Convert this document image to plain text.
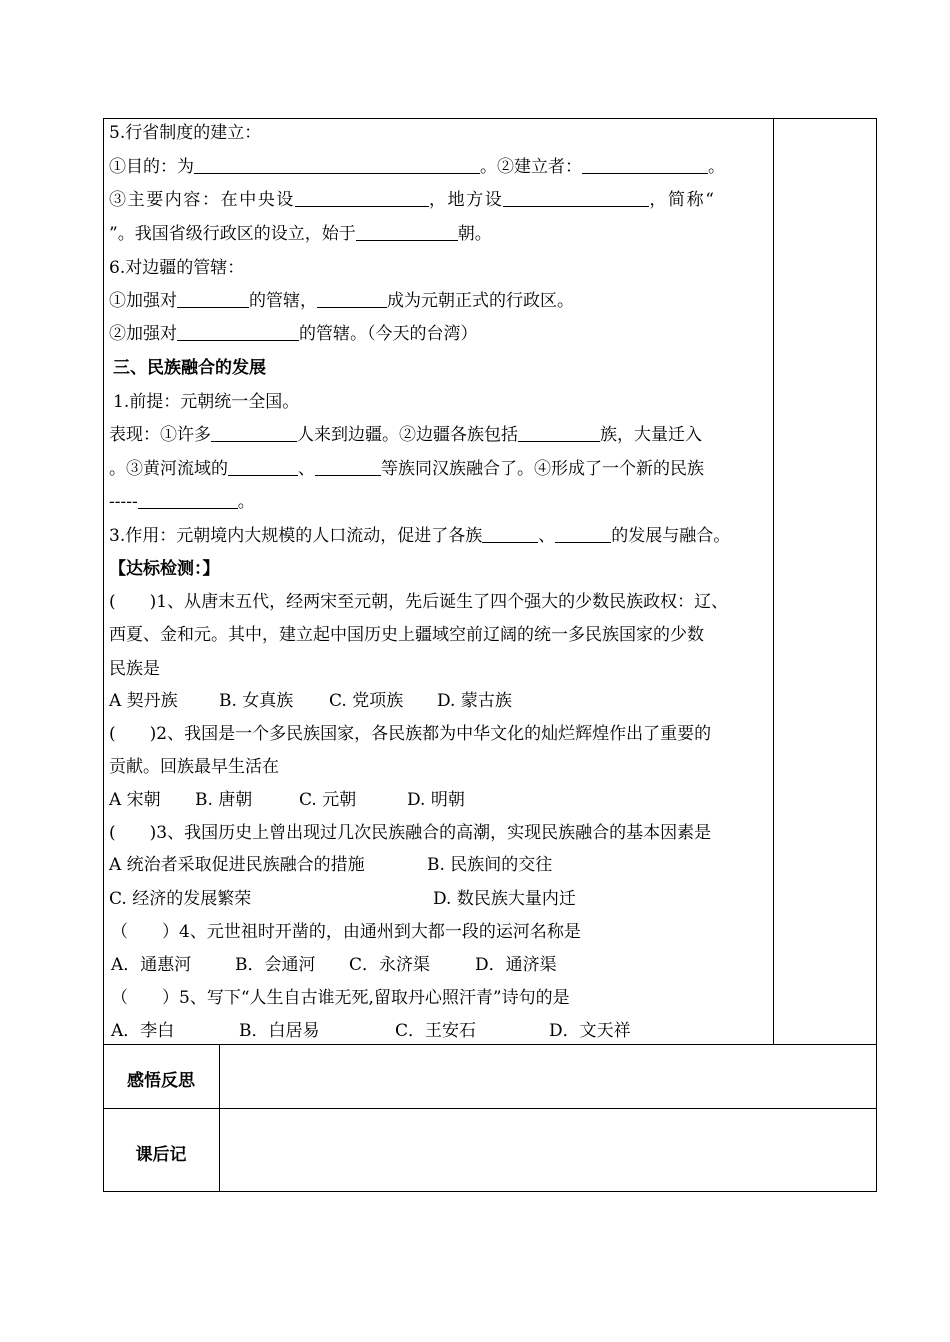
5.行省制度的建立：
①目的：为	。②建立者：	。
③主要内容：在中央设	，地方设	，简称“
”。我国省级行政区的设立，始于	朝。
6.对边疆的管辖：
①加强对	的管辖，	成为元朝正式的行政区。
②加强对	的管辖。（今天的台湾）
三、民族融合的发展
1.前提：元朝统一全国。
表现：①许多	人来到边疆。②边疆各族包括	族，大量迁入
。③黄河流域的	、	等族同汉族融合了。④形成了一个新的民族
-----	。
3.作用：元朝境内大规模的人口流动，促进了各族	、	的发展与融合。
【达标检测：】
(　　)1、从唐末五代，经两宋至元朝，先后诞生了四个强大的少数民族政权：辽、
西夏、金和元。其中，建立起中国历史上疆域空前辽阔的统一多民族国家的少数
民族是
A 契丹族 B. 女真族 C. 党项族 D. 蒙古族
(　　)2、我国是一个多民族国家，各民族都为中华文化的灿烂辉煌作出了重要的
贡献。回族最早生活在
A 宋朝 B. 唐朝	C. 元朝	D. 明朝
(　　)3、我国历史上曾出现过几次民族融合的高潮，实现民族融合的基本因素是
A 统治者采取促进民族融合的措施	B. 民族间的交往
C. 经济的发展繁荣	D. 数民族大量内迁
（　　）4、元世祖时开凿的，由通州到大都一段的运河名称是
A．通惠河	B．会通河 C．永济渠	D．通济渠
（　　）5、写下“人生自古谁无死,留取丹心照汗青”诗句的是
A．李白	B．白居易	C．王安石	D．文天祥
感悟反思
课后记
